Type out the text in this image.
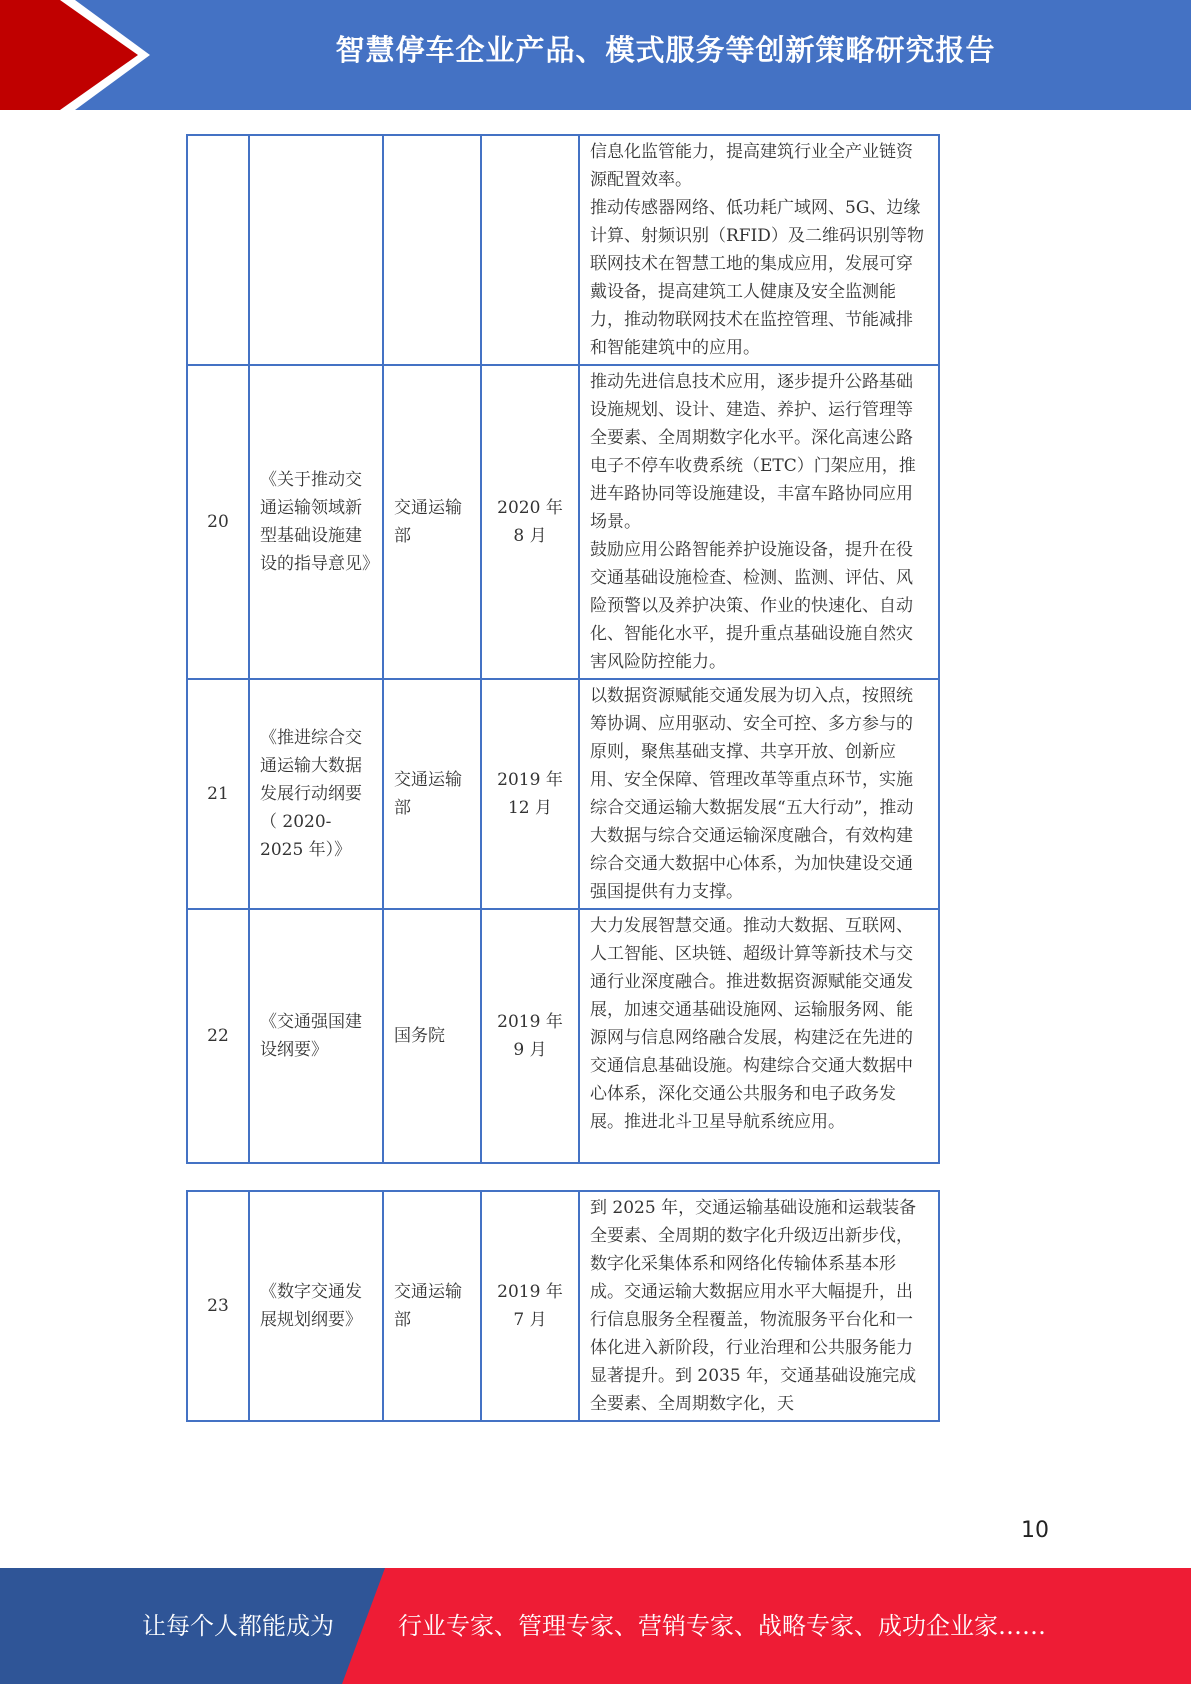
智慧停车企业产品、模式服务等创新策略研究报告

				信息化监管能力，提高建筑行业全产业链资源配置效率。

推动传感器网络、低功耗广域网、5G、边缘计算、射频识别（RFID）及二维码识别等物联网技术在智慧工地的集成应用，发展可穿戴设备，提高建筑工人健康及安全监测能力，推动物联网技术在监控管理、节能减排和智能建筑中的应用。

20	《关于推动交通运输领域新型基础设施建设的指导意见》	交通运输部	2020 年 8 月	推动先进信息技术应用，逐步提升公路基础设施规划、设计、建造、养护、运行管理等全要素、全周期数字化水平。深化高速公路电子不停车收费系统（ETC）门架应用，推进车路协同等设施建设，丰富车路协同应用场景。

鼓励应用公路智能养护设施设备，提升在役交通基础设施检查、检测、监测、评估、风险预警以及养护决策、作业的快速化、自动化、智能化水平，提升重点基础设施自然灾害风险防控能力。

21	《推进综合交通运输大数据发展行动纲要（ 2020-2025 年）》	交通运输部	2019 年 12 月	以数据资源赋能交通发展为切入点，按照统筹协调、应用驱动、安全可控、多方参与的原则，聚焦基础支撑、共享开放、创新应用、安全保障、管理改革等重点环节，实施综合交通运输大数据发展“五大行动”，推动大数据与综合交通运输深度融合，有效构建综合交通大数据中心体系，为加快建设交通强国提供有力支撑。

22	《交通强国建设纲要》	国务院	2019 年 9 月	大力发展智慧交通。推动大数据、互联网、人工智能、区块链、超级计算等新技术与交通行业深度融合。推进数据资源赋能交通发展，加速交通基础设施网、运输服务网、能源网与信息网络融合发展，构建泛在先进的交通信息基础设施。构建综合交通大数据中心体系，深化交通公共服务和电子政务发展。推进北斗卫星导航系统应用。

23	《数字交通发展规划纲要》	交通运输部	2019 年 7 月	

到 2025 年，交通运输基础设施和运载装备全要素、全周期的数字化升级迈出新步伐，数字化采集体系和网络化传输体系基本形成。交通运输大数据应用水平大幅提升，出行信息服务全程覆盖，物流服务平台化和一体化进入新阶段，行业治理和公共服务能力显著提升。到 2035 年，交通基础设施完成全要素、全周期数字化，天

10
让每个人都能成为	行业专家、管理专家、营销专家、战略专家、成功企业家……
